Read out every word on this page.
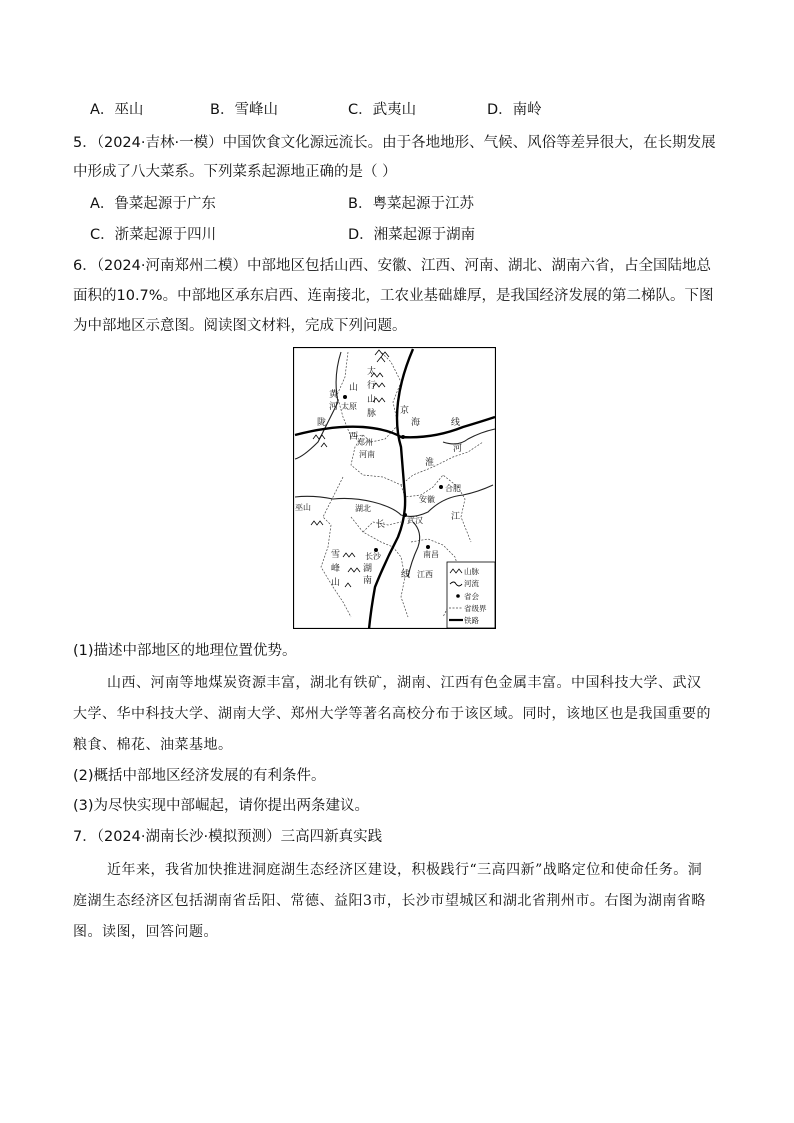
A．巫山	B．雪峰山	C．武夷山	D．南岭
5．（2024·吉林·一模）中国饮食文化源远流长。由于各地地形、气候、风俗等差异很大，在长期发展
中形成了八大菜系。下列菜系起源地正确的是（ ）
A．鲁菜起源于广东	B．粤菜起源于江苏
C．浙菜起源于四川	D．湘菜起源于湖南
6．（2024·河南郑州二模）中部地区包括山西、安徽、江西、河南、湖北、湖南六省，占全国陆地总
面积的10.7%。中部地区承东启西、连南接北，工农业基础雄厚，是我国经济发展的第二梯队。下图
为中部地区示意图。阅读图文材料，完成下列问题。
黄
河
山
西
太原
太
行
山
脉	京
陇	海	线
郑州
河南
淮
河
合肥
安徽
巫山	湖北
长	武汉	江
长沙	南昌
雪
峰
山
湖
南
线 江西	山脉
河流
省会
省级界
铁路
(1)描述中部地区的地理位置优势。
山西、河南等地煤炭资源丰富，湖北有铁矿，湖南、江西有色金属丰富。中国科技大学、武汉
大学、华中科技大学、湖南大学、郑州大学等著名高校分布于该区域。同时，该地区也是我国重要的
粮食、棉花、油菜基地。
(2)概括中部地区经济发展的有利条件。
(3)为尽快实现中部崛起，请你提出两条建议。
7．（2024·湖南长沙·模拟预测）三高四新真实践
近年来，我省加快推进洞庭湖生态经济区建设，积极践行“三高四新”战略定位和使命任务。洞
庭湖生态经济区包括湖南省岳阳、常德、益阳3市，长沙市望城区和湖北省荆州市。右图为湖南省略
图。读图，回答问题。
